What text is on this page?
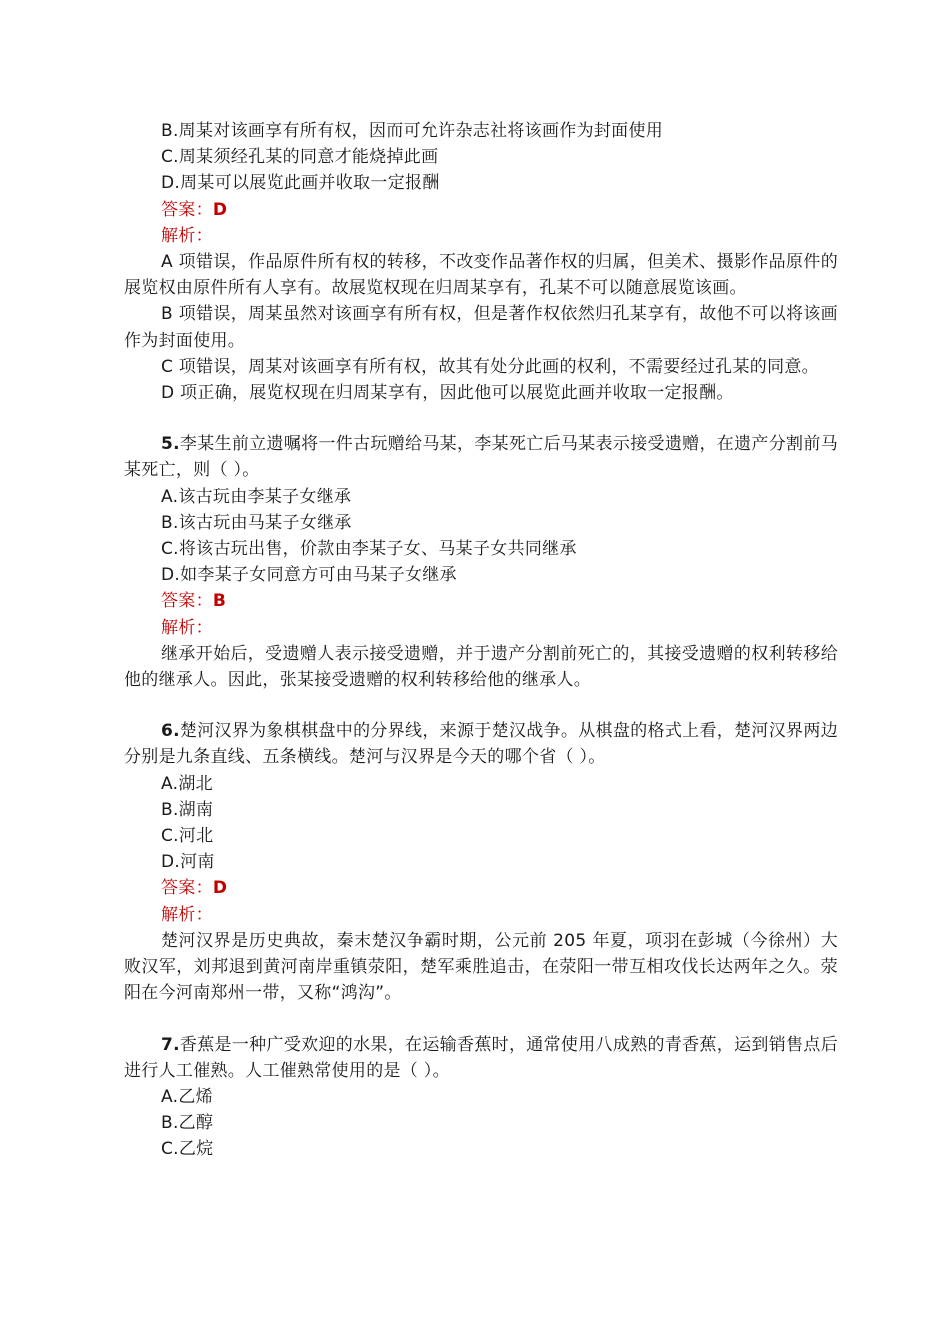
B.周某对该画享有所有权，因而可允许杂志社将该画作为封面使用
C.周某须经孔某的同意才能烧掉此画
D.周某可以展览此画并收取一定报酬
答案：D
解析：
A 项错误，作品原件所有权的转移，不改变作品著作权的归属，但美术、摄影作品原件的展览权由原件所有人享有。故展览权现在归周某享有，孔某不可以随意展览该画。
B 项错误，周某虽然对该画享有所有权，但是著作权依然归孔某享有，故他不可以将该画作为封面使用。
C 项错误，周某对该画享有所有权，故其有处分此画的权利，不需要经过孔某的同意。
D 项正确，展览权现在归周某享有，因此他可以展览此画并收取一定报酬。
5.李某生前立遗嘱将一件古玩赠给马某，李某死亡后马某表示接受遗赠，在遗产分割前马某死亡，则（ ）。
A.该古玩由李某子女继承
B.该古玩由马某子女继承
C.将该古玩出售，价款由李某子女、马某子女共同继承
D.如李某子女同意方可由马某子女继承
答案：B
解析：
继承开始后，受遗赠人表示接受遗赠，并于遗产分割前死亡的，其接受遗赠的权利转移给他的继承人。因此，张某接受遗赠的权利转移给他的继承人。
6.楚河汉界为象棋棋盘中的分界线，来源于楚汉战争。从棋盘的格式上看，楚河汉界两边分别是九条直线、五条横线。楚河与汉界是今天的哪个省（ ）。
A.湖北
B.湖南
C.河北
D.河南
答案：D
解析：
楚河汉界是历史典故，秦末楚汉争霸时期，公元前 205 年夏，项羽在彭城（今徐州）大败汉军，刘邦退到黄河南岸重镇荥阳，楚军乘胜追击，在荥阳一带互相攻伐长达两年之久。荥阳在今河南郑州一带，又称“鸿沟”。
7.香蕉是一种广受欢迎的水果，在运输香蕉时，通常使用八成熟的青香蕉，运到销售点后进行人工催熟。人工催熟常使用的是（ ）。
A.乙烯
B.乙醇
C.乙烷
